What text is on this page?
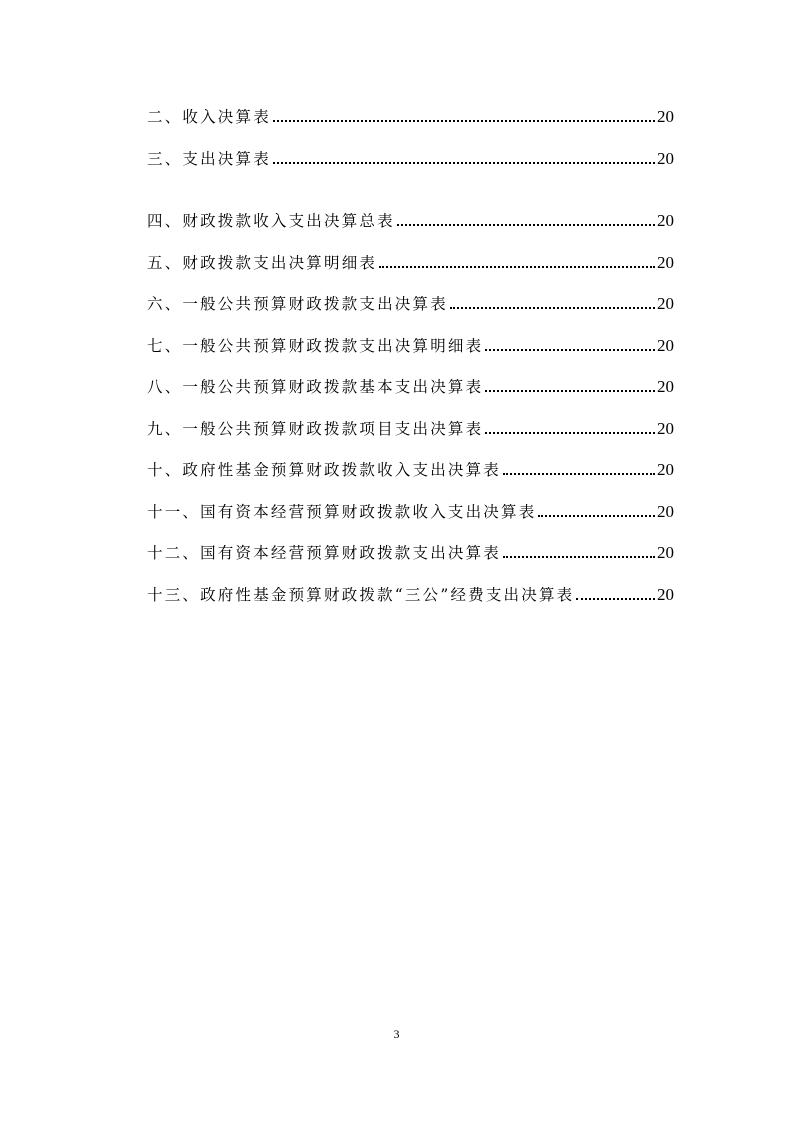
二、收入决算表	20
三、支出决算表	20
四、财政拨款收入支出决算总表	20
五、财政拨款支出决算明细表	20
六、一般公共预算财政拨款支出决算表	20
七、一般公共预算财政拨款支出决算明细表	20
八、一般公共预算财政拨款基本支出决算表	20
九、一般公共预算财政拨款项目支出决算表	20
十、政府性基金预算财政拨款收入支出决算表	20
十一、国有资本经营预算财政拨款收入支出决算表	20
十二、国有资本经营预算财政拨款支出决算表	20
十三、政府性基金预算财政拨款“三公”经费支出决算表	20
3
